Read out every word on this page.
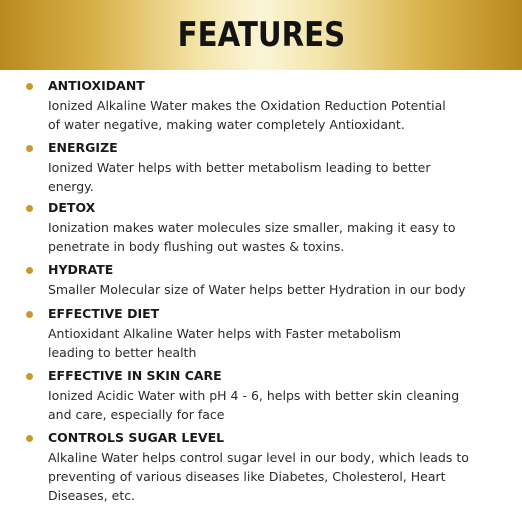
FEATURES
ANTIOXIDANT
Ionized Alkaline Water makes the Oxidation Reduction Potential
of water negative, making water completely Antioxidant.
ENERGIZE
Ionized Water helps with better metabolism leading to better
energy.
DETOX
Ionization makes water molecules size smaller, making it easy to
penetrate in body flushing out wastes & toxins.
HYDRATE
Smaller Molecular size of Water helps better Hydration in our body
EFFECTIVE DIET
Antioxidant Alkaline Water helps with Faster metabolism
leading to better health
EFFECTIVE IN SKIN CARE
Ionized Acidic Water with pH 4 - 6, helps with better skin cleaning
and care, especially for face
CONTROLS SUGAR LEVEL
Alkaline Water helps control sugar level in our body, which leads to
preventing of various diseases like Diabetes, Cholesterol, Heart
Diseases, etc.
